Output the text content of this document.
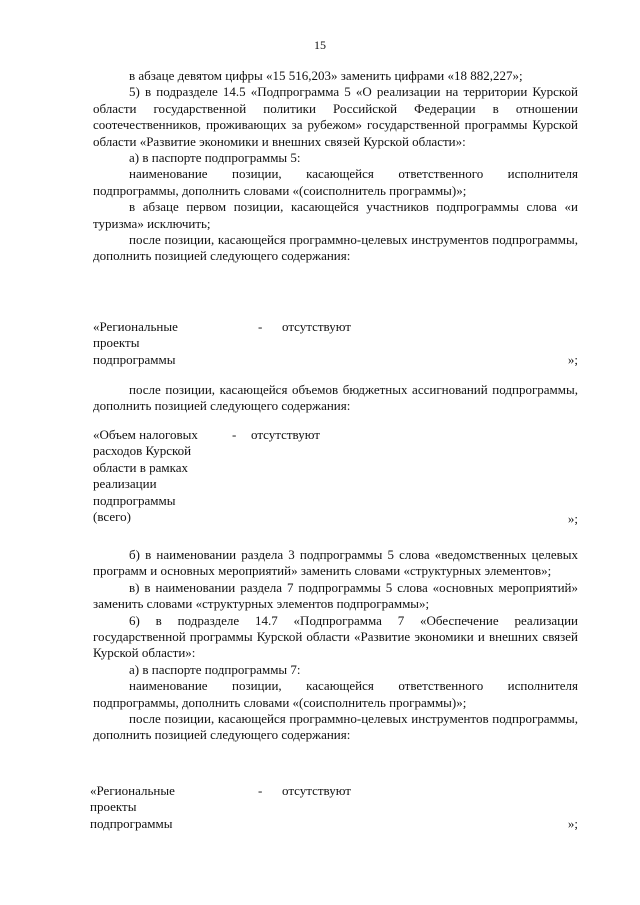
15

в абзаце девятом цифры «15 516,203» заменить цифрами «18 882,227»;

5) в подразделе 14.5 «Подпрограмма 5 «О реализации на территории Курской области государственной политики Российской Федерации в отношении соотечественников, проживающих за рубежом» государственной программы Курской области «Развитие экономики и внешних связей Курской области»:

а) в паспорте подпрограммы 5:

наименование позиции, касающейся ответственного исполнителя подпрограммы, дополнить словами «(соисполнитель программы)»;

в абзаце первом позиции, касающейся участников подпрограммы слова «и туризма» исключить;

после позиции, касающейся программно-целевых инструментов подпрограммы, дополнить позицией следующего содержания:

«Региональные
проекты
подпрограммы
- отсутствуют
»;

после позиции, касающейся объемов бюджетных ассигнований подпрограммы, дополнить позицией следующего содержания:

«Объем налоговых
расходов Курской
области в рамках
реализации
подпрограммы
(всего)
- отсутствуют
»;

б) в наименовании раздела 3 подпрограммы 5 слова «ведомственных целевых программ и основных мероприятий» заменить словами «структурных элементов»;

в) в наименовании раздела 7 подпрограммы 5 слова «основных мероприятий» заменить словами «структурных элементов подпрограммы»;

6) в подразделе 14.7 «Подпрограмма 7 «Обеспечение реализации государственной программы Курской области «Развитие экономики и внешних связей Курской области»:

а) в паспорте подпрограммы 7:

наименование позиции, касающейся ответственного исполнителя подпрограммы, дополнить словами «(соисполнитель программы)»;

после позиции, касающейся программно-целевых инструментов подпрограммы, дополнить позицией следующего содержания:

«Региональные
проекты
подпрограммы
- отсутствуют
»;
